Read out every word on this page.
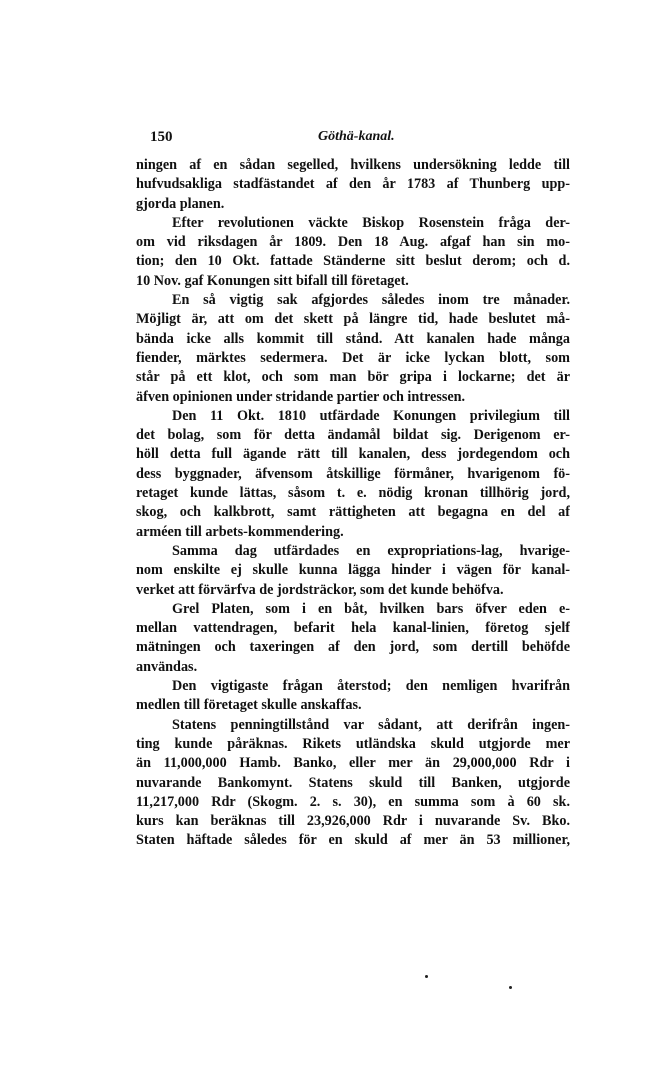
150	Göthä-kanal.
ningen af en sådan segelled, hvilkens undersökning ledde till
hufvudsakliga stadfästandet af den år 1783 af Thunberg upp-
gjorda planen.
Efter revolutionen väckte Biskop Rosenstein fråga der-
om vid riksdagen år 1809. Den 18 Aug. afgaf han sin mo-
tion; den 10 Okt. fattade Ständerne sitt beslut derom; och d.
10 Nov. gaf Konungen sitt bifall till företaget.
En så vigtig sak afgjordes således inom tre månader.
Möjligt är, att om det skett på längre tid, hade beslutet må-
bända icke alls kommit till stånd. Att kanalen hade många
fiender, märktes sedermera. Det är icke lyckan blott, som
står på ett klot, och som man bör gripa i lockarne; det är
äfven opinionen under stridande partier och intressen.
Den 11 Okt. 1810 utfärdade Konungen privilegium till
det bolag, som för detta ändamål bildat sig. Derigenom er-
höll detta full ägande rätt till kanalen, dess jordegendom och
dess byggnader, äfvensom åtskillige förmåner, hvarigenom fö-
retaget kunde lättas, såsom t. e. nödig kronan tillhörig jord,
skog, och kalkbrott, samt rättigheten att begagna en del af
arméen till arbets-kommendering.
Samma dag utfärdades en expropriations-lag, hvarige-
nom enskilte ej skulle kunna lägga hinder i vägen för kanal-
verket att förvärfva de jordsträckor, som det kunde behöfva.
Grel Platen, som i en båt, hvilken bars öfver eden e-
mellan vattendragen, befarit hela kanal-linien, företog sjelf
mätningen och taxeringen af den jord, som dertill behöfde
användas.
Den vigtigaste frågan återstod; den nemligen hvarifrån
medlen till företaget skulle anskaffas.
Statens penningtillstånd var sådant, att derifrån ingen-
ting kunde påräknas. Rikets utländska skuld utgjorde mer
än 11,000,000 Hamb. Banko, eller mer än 29,000,000 Rdr i
nuvarande Bankomynt. Statens skuld till Banken, utgjorde
11,217,000 Rdr (Skogm. 2. s. 30), en summa som à 60 sk.
kurs kan beräknas till 23,926,000 Rdr i nuvarande Sv. Bko.
Staten häftade således för en skuld af mer än 53 millioner,
